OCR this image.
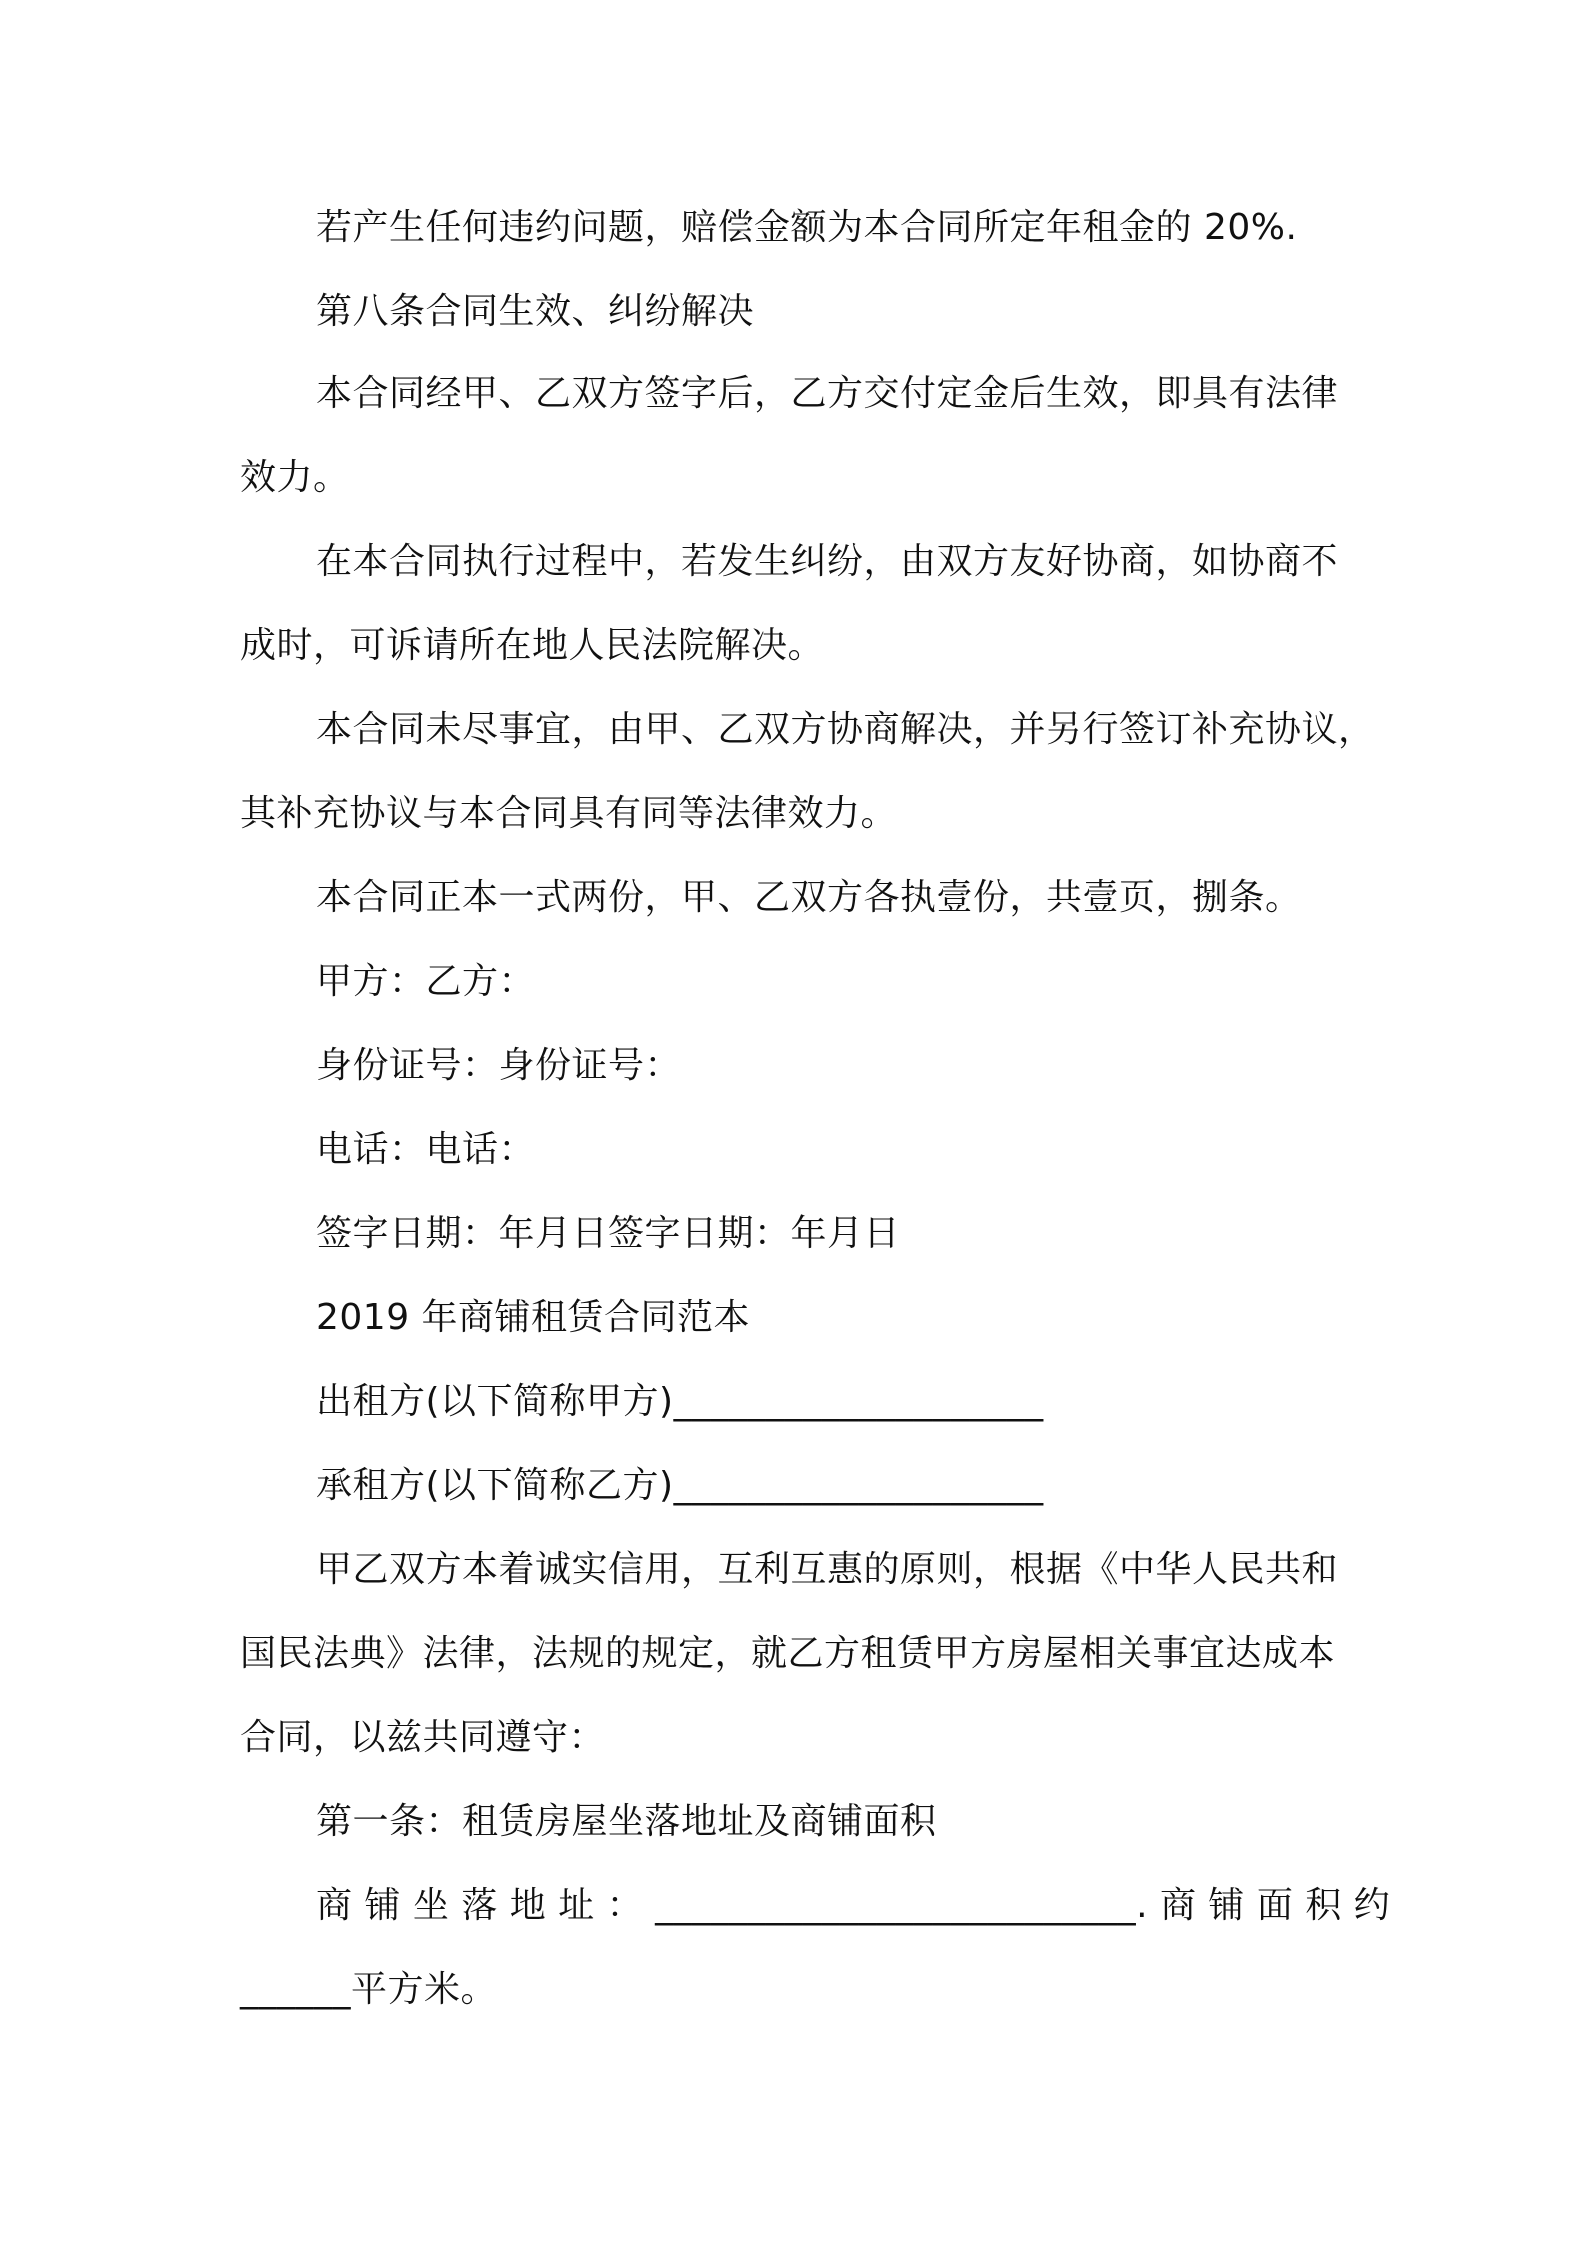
若产生任何违约问题，赔偿金额为本合同所定年租金的 20%.
第八条合同生效、纠纷解决
本合同经甲、乙双方签字后，乙方交付定金后生效，即具有法律
效力。
在本合同执行过程中，若发生纠纷，由双方友好协商，如协商不
成时，可诉请所在地人民法院解决。
本合同未尽事宜，由甲、乙双方协商解决，并另行签订补充协议，
其补充协议与本合同具有同等法律效力。
本合同正本一式两份，甲、乙双方各执壹份，共壹页，捌条。
甲方：乙方：
身份证号：身份证号：
电话：电话：
签字日期：年月日签字日期：年月日
2019 年商铺租赁合同范本
出租方(以下简称甲方)____________________
承租方(以下简称乙方)____________________
甲乙双方本着诚实信用，互利互惠的原则，根据《中华人民共和
国民法典》法律，法规的规定，就乙方租赁甲方房屋相关事宜达成本
合同，以兹共同遵守：
第一条：租赁房屋坐落地址及商铺面积
商 铺 坐 落 地 址 ： __________________________. 商 铺 面 积 约
______平方米。
